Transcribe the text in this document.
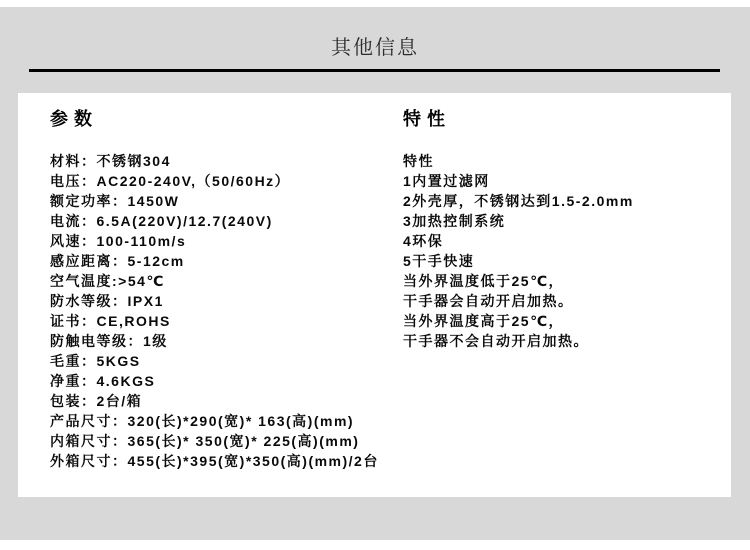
其他信息
参数
材料：不锈钢304
电压：AC220-240V,（50/60Hz）
额定功率：1450W
电流：6.5A(220V)/12.7(240V)
风速：100-110m/s
感应距离：5-12cm
空气温度:>54℃
防水等级：IPX1
证书：CE,ROHS
防触电等级：1级
毛重：5KGS
净重：4.6KGS
包装：2台/箱
产品尺寸：320(长)*290(宽)* 163(高)(mm)
内箱尺寸：365(长)* 350(宽)* 225(高)(mm)
外箱尺寸：455(长)*395(宽)*350(高)(mm)/2台
特性
特性
1内置过滤网
2外壳厚，不锈钢达到1.5-2.0mm
3加热控制系统
4环保
5干手快速
当外界温度低于25℃，
干手器会自动开启加热。
当外界温度高于25℃，
干手器不会自动开启加热。
